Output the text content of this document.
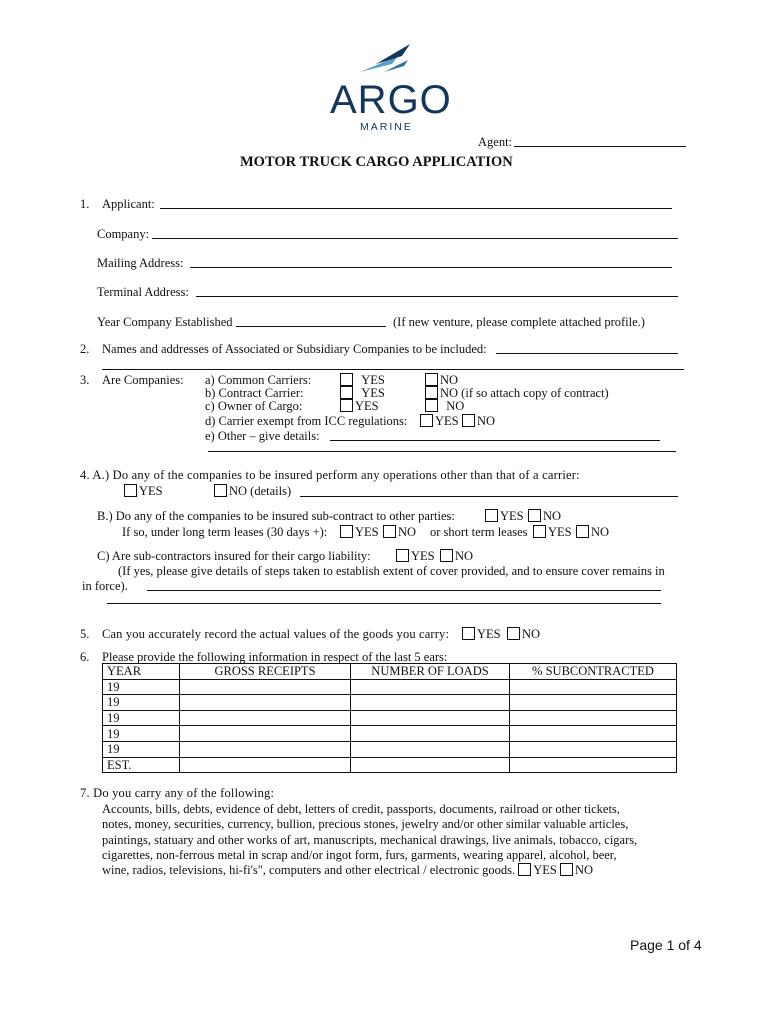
ARGO
MARINE
Agent:
MOTOR TRUCK CARGO APPLICATION
1. Applicant:
Company:
Mailing Address:
Terminal Address:
Year Company Established	(If new venture, please complete attached profile.)
2. Names and addresses of Associated or Subsidiary Companies to be included:
3. Are Companies: a) Common Carriers:	YES	NO
b) Contract Carrier:	YES	NO (if so attach copy of contract)
c) Owner of Cargo:	YES	NO
d) Carrier exempt from ICC regulations:	YES	NO
e) Other – give details:
4. A.) Do any of the companies to be insured perform any operations other than that of a carrier:
YES	NO (details)
B.) Do any of the companies to be insured sub-contract to other parties:	YES	NO
If so, under long term leases (30 days +):	YES	NO or short term leases	YES	NO
C) Are sub-contractors insured for their cargo liability:	YES	NO
(If yes, please give details of steps taken to establish extent of cover provided, and to ensure cover remains in
in force).
5. Can you accurately record the actual values of the goods you carry:	YES	NO
6. Please provide the following information in respect of the last 5 ears:
YEAR	GROSS RECEIPTS	NUMBER OF LOADS	% SUBCONTRACTED
19			
19			
19			
19			
19			
EST.			
7. Do you carry any of the following:
Accounts, bills, debts, evidence of debt, letters of credit, passports, documents, railroad or other tickets,
notes, money, securities, currency, bullion, precious stones, jewelry and/or other similar valuable articles,
paintings, statuary and other works of art, manuscripts, mechanical drawings, live animals, tobacco, cigars,
cigarettes, non-ferrous metal in scrap and/or ingot form, furs, garments, wearing apparel, alcohol, beer,
wine, radios, televisions, hi-fi's", computers and other electrical / electronic goods. YES NO
Page 1 of 4
